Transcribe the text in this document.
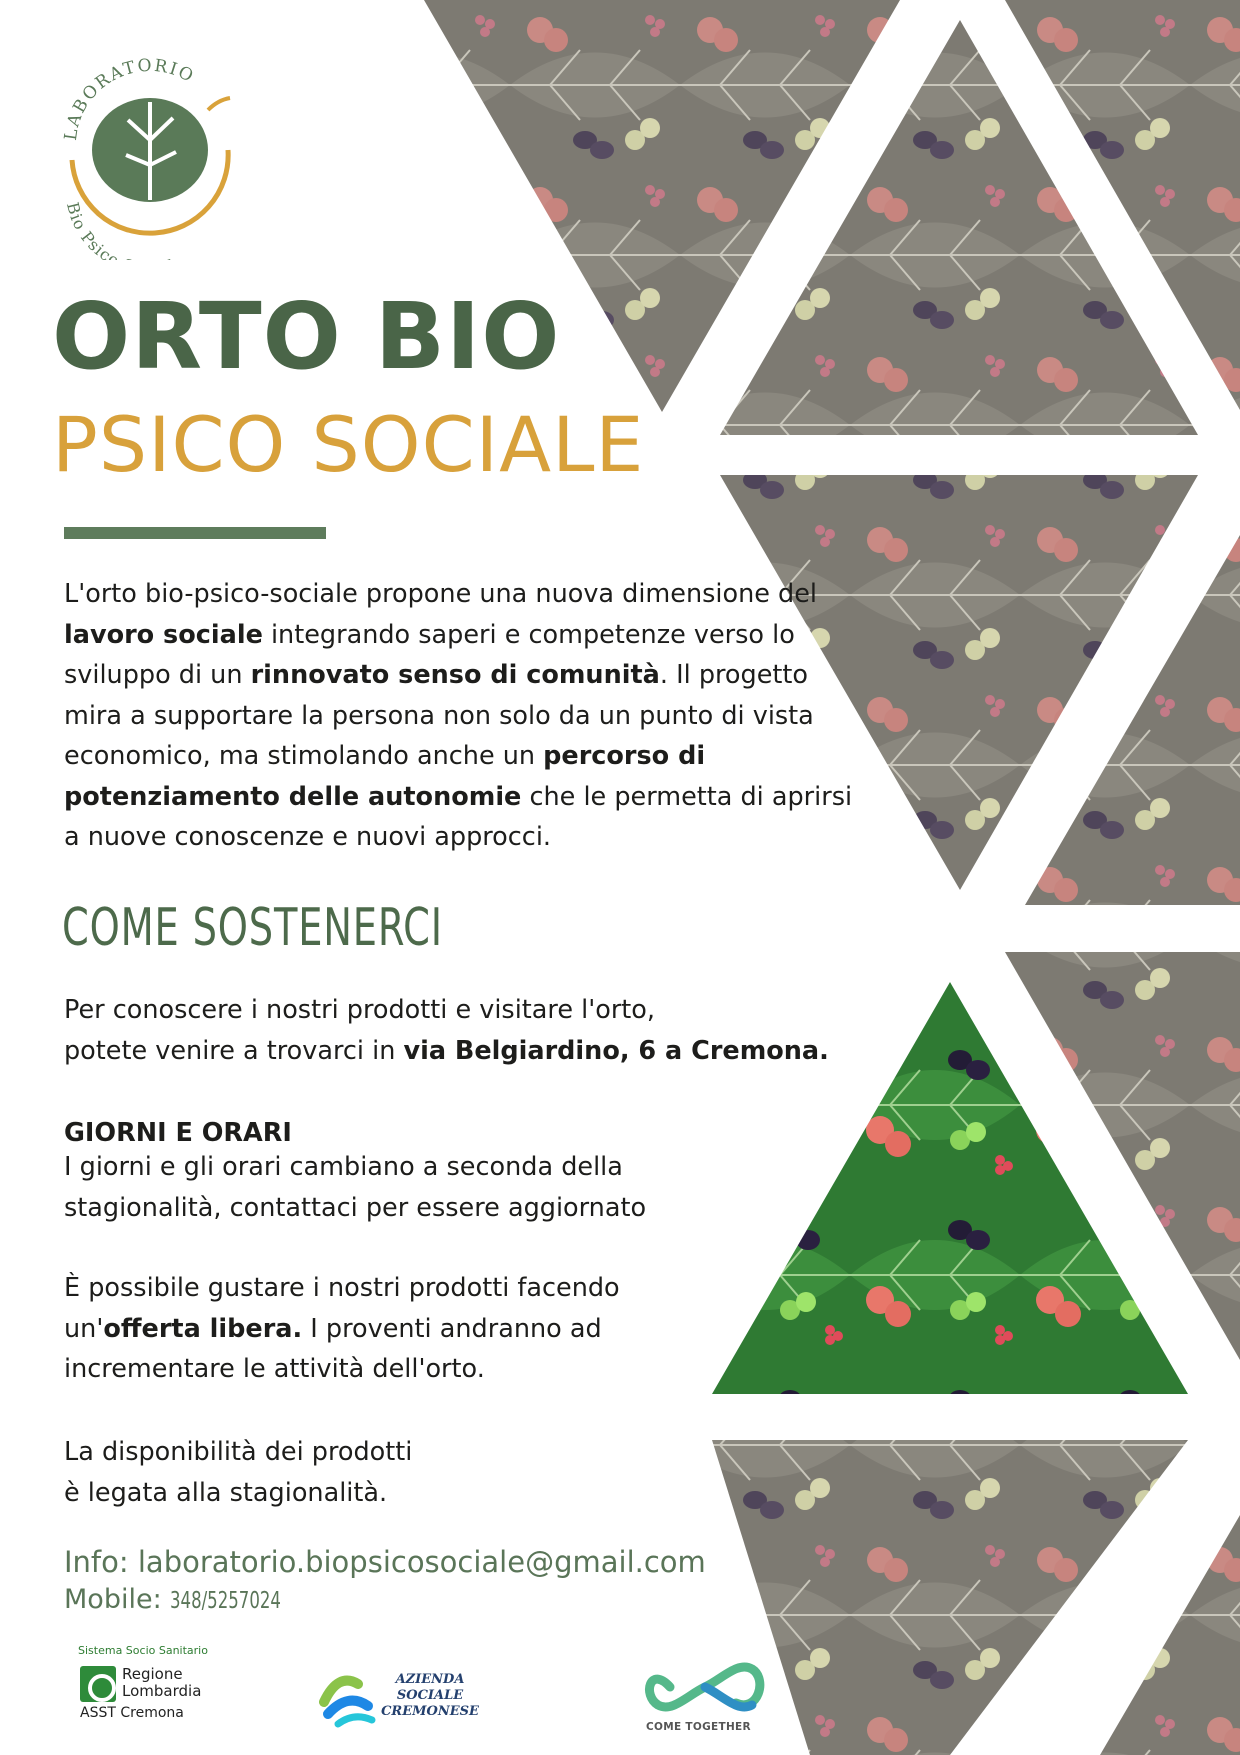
LABORATORIO
Bio Psico
ORTO BIO
PSICO SOCIALE

L'orto bio-psico-sociale propone una nuova dimensione del lavoro sociale integrando saperi e competenze verso lo sviluppo di un rinnovato senso di comunità. Il progetto mira a supportare la persona non solo da un punto di vista economico, ma stimolando anche un percorso di potenziamento delle autonomie che le permetta di aprirsi a nuove conoscenze e nuovi approcci.

COME SOSTENERCI

Per conoscere i nostri prodotti e visitare l'orto,
potete venire a trovarci in via Belgiardino, 6 a Cremona.

GIORNI E ORARI

I giorni e gli orari cambiano a seconda della stagionalità, contattaci per essere aggiornato

È possibile gustare i nostri prodotti facendo un'offerta libera. I proventi andranno ad incrementare le attività dell'orto.

La disponibilità dei prodotti
è legata alla stagionalità.

Info: laboratorio.biopsicosociale@gmail.com
Mobile: 348/5257024
Sistema Socio Sanitario
Regione
Lombardia
ASST Cremona
AZIENDA
SOCIALE
CREMONESE
COME TOGETHER
